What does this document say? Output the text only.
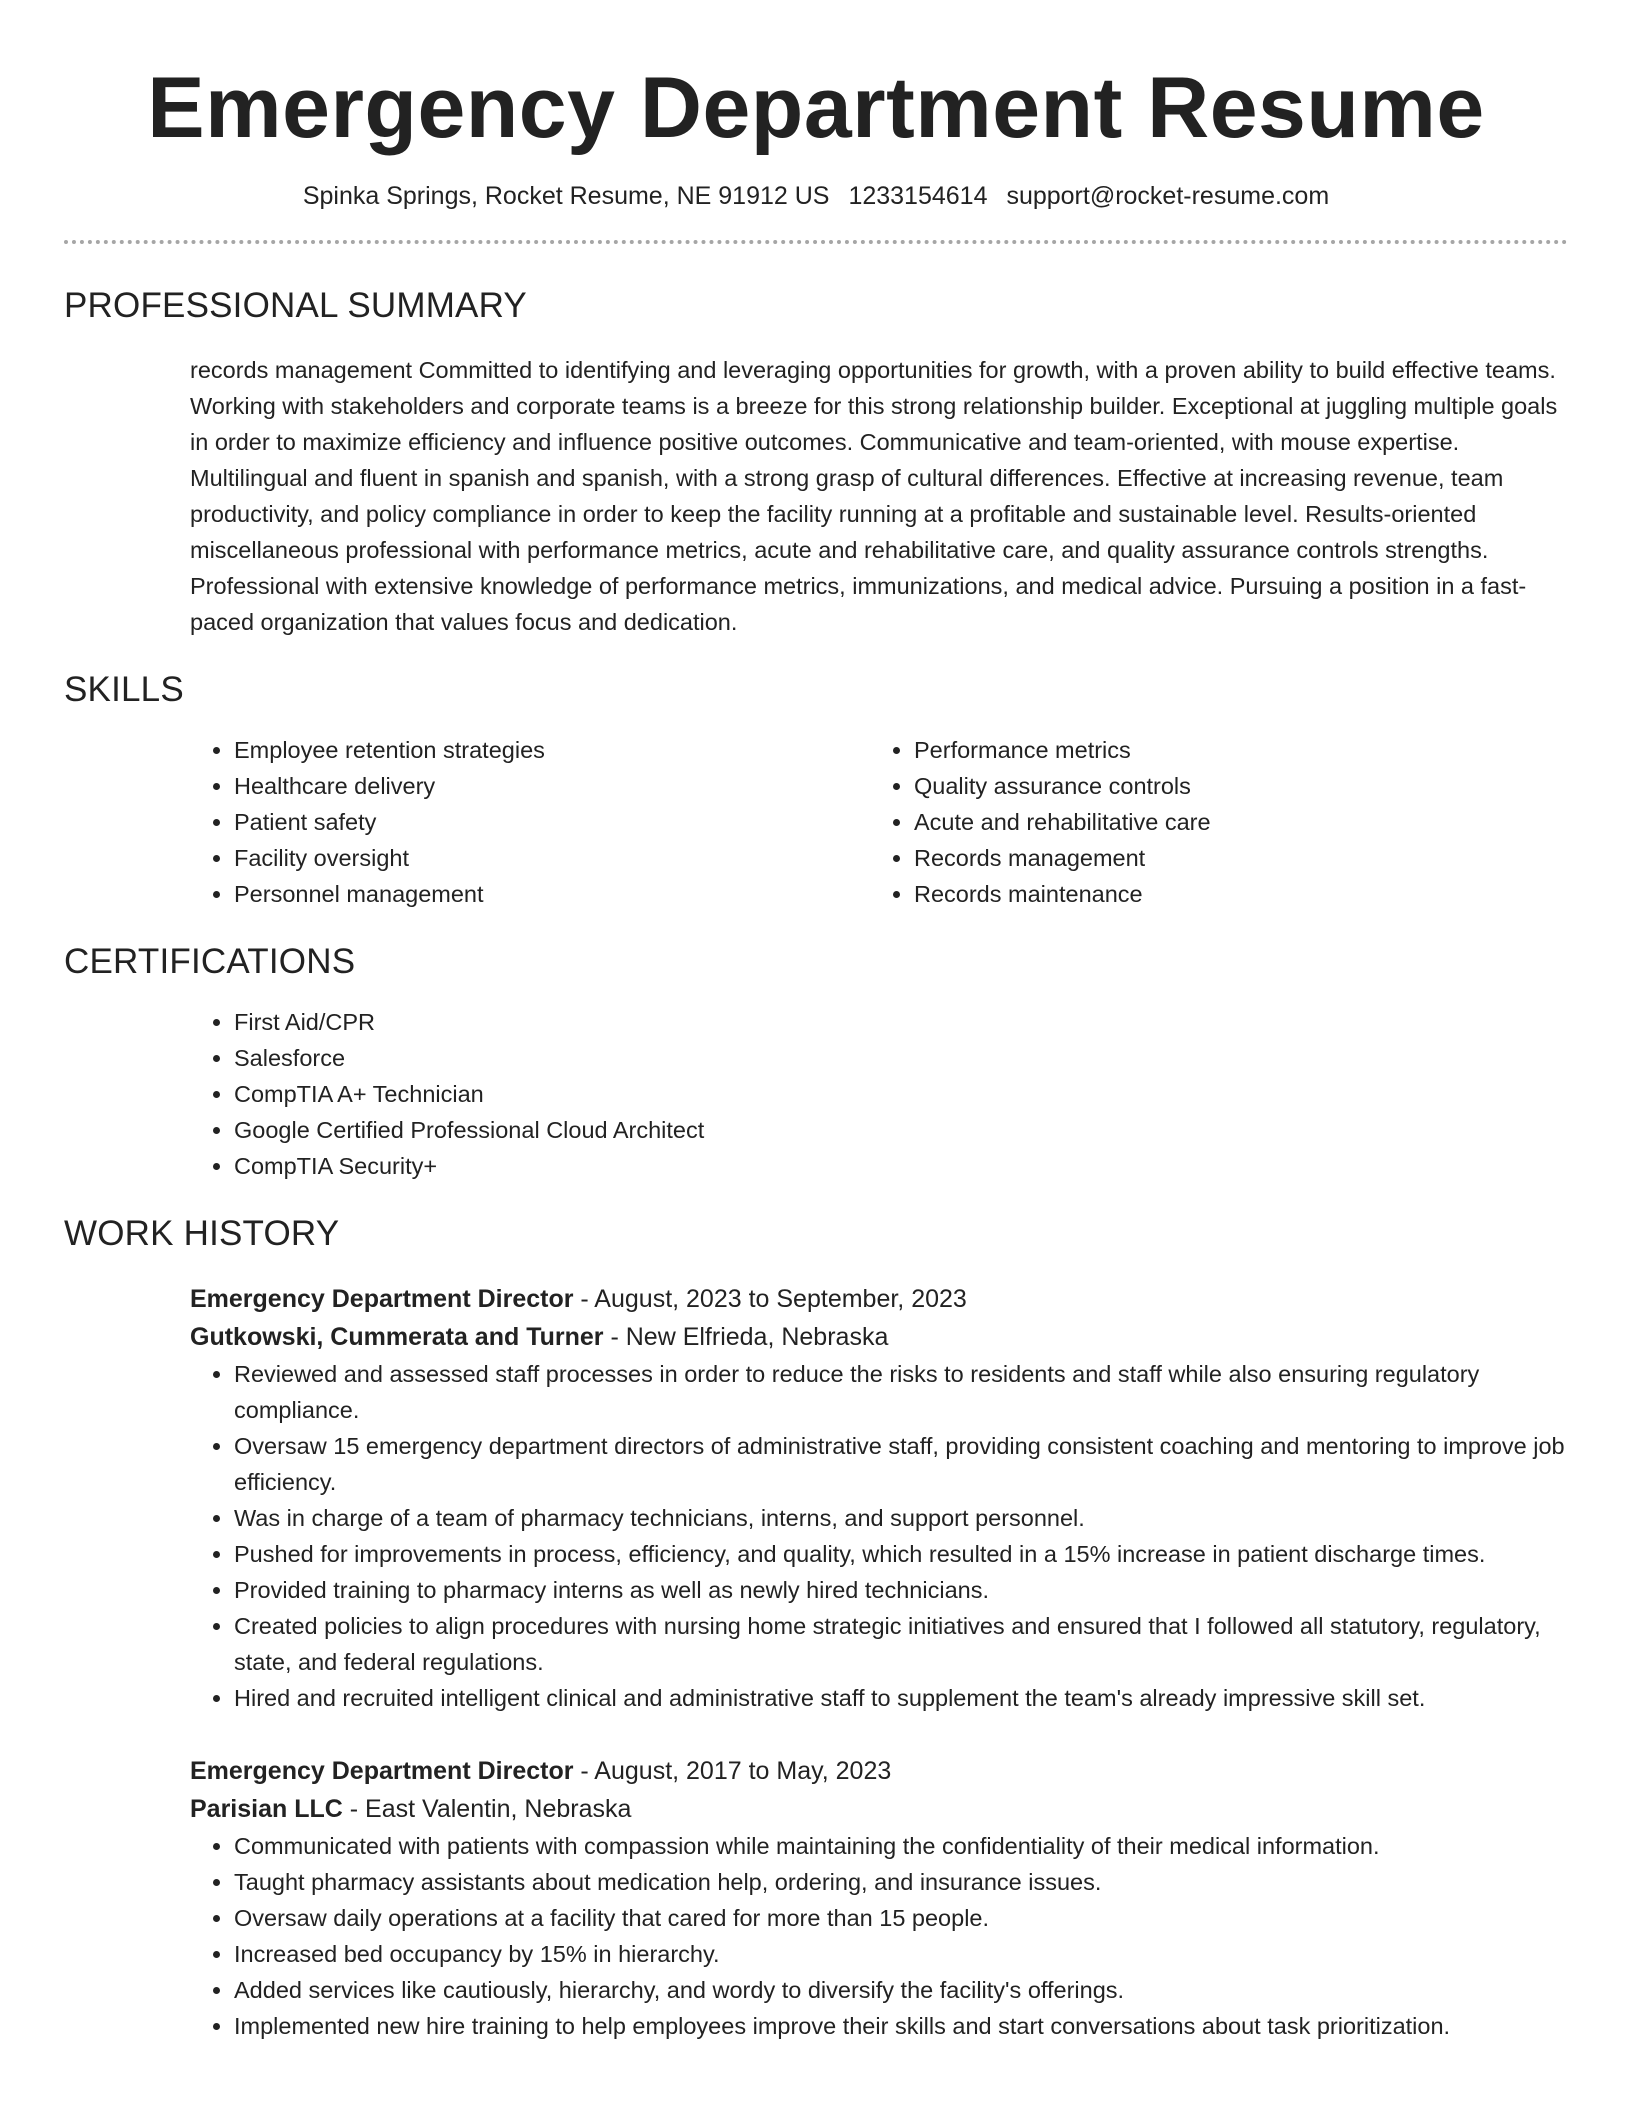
Emergency Department Resume
Spinka Springs, Rocket Resume, NE 91912 US 1233154614 support@rocket-resume.com
PROFESSIONAL SUMMARY
records management Committed to identifying and leveraging opportunities for growth, with a proven ability to build effective teams. Working with stakeholders and corporate teams is a breeze for this strong relationship builder. Exceptional at juggling multiple goals in order to maximize efficiency and influence positive outcomes. Communicative and team-oriented, with mouse expertise. Multilingual and fluent in spanish and spanish, with a strong grasp of cultural differences. Effective at increasing revenue, team productivity, and policy compliance in order to keep the facility running at a profitable and sustainable level. Results-oriented miscellaneous professional with performance metrics, acute and rehabilitative care, and quality assurance controls strengths. Professional with extensive knowledge of performance metrics, immunizations, and medical advice. Pursuing a position in a fast-paced organization that values focus and dedication.
SKILLS
• Employee retention strategies
• Healthcare delivery
• Patient safety
• Facility oversight
• Personnel management
• Performance metrics
• Quality assurance controls
• Acute and rehabilitative care
• Records management
• Records maintenance
CERTIFICATIONS
• First Aid/CPR
• Salesforce
• CompTIA A+ Technician
• Google Certified Professional Cloud Architect
• CompTIA Security+
WORK HISTORY
Emergency Department Director - August, 2023 to September, 2023
Gutkowski, Cummerata and Turner - New Elfrieda, Nebraska
• Reviewed and assessed staff processes in order to reduce the risks to residents and staff while also ensuring regulatory compliance.
• Oversaw 15 emergency department directors of administrative staff, providing consistent coaching and mentoring to improve job efficiency.
• Was in charge of a team of pharmacy technicians, interns, and support personnel.
• Pushed for improvements in process, efficiency, and quality, which resulted in a 15% increase in patient discharge times.
• Provided training to pharmacy interns as well as newly hired technicians.
• Created policies to align procedures with nursing home strategic initiatives and ensured that I followed all statutory, regulatory, state, and federal regulations.
• Hired and recruited intelligent clinical and administrative staff to supplement the team's already impressive skill set.
Emergency Department Director - August, 2017 to May, 2023
Parisian LLC - East Valentin, Nebraska
• Communicated with patients with compassion while maintaining the confidentiality of their medical information.
• Taught pharmacy assistants about medication help, ordering, and insurance issues.
• Oversaw daily operations at a facility that cared for more than 15 people.
• Increased bed occupancy by 15% in hierarchy.
• Added services like cautiously, hierarchy, and wordy to diversify the facility's offerings.
• Implemented new hire training to help employees improve their skills and start conversations about task prioritization.
